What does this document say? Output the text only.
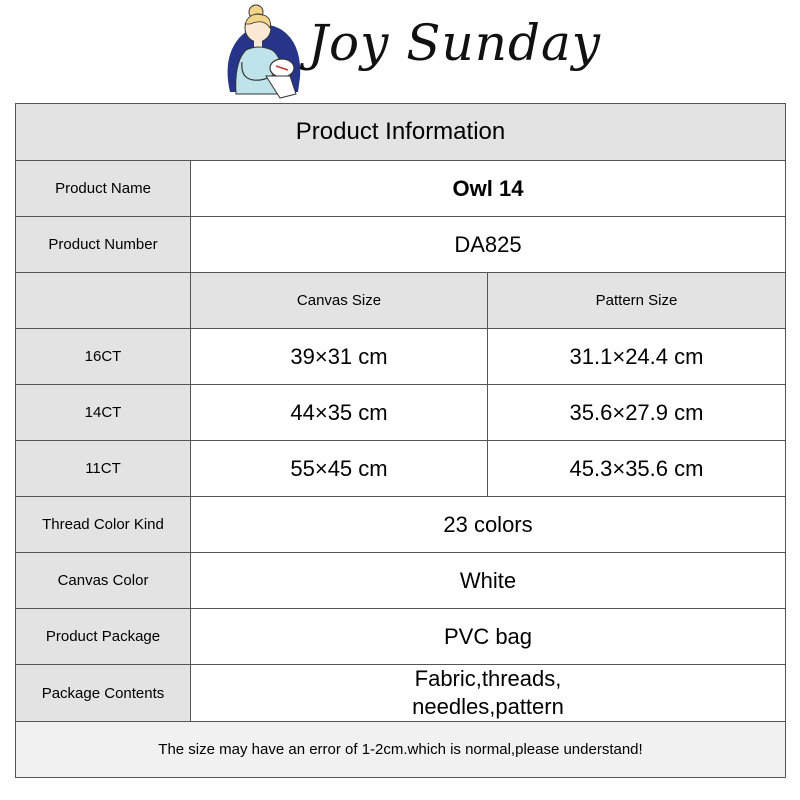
Joy Sunday
Product Information		
Product Name	Owl 14	
Product Number	DA825	
	Canvas Size	Pattern Size
16CT	39×31 cm	31.1×24.4 cm
14CT	44×35 cm	35.6×27.9 cm
11CT	55×45 cm	45.3×35.6 cm
Thread Color Kind	23 colors	
Canvas Color	White	
Product Package	PVC bag	
Package Contents	Fabric,threads,
needles,pattern	

The size may have an error of 1-2cm.which is normal,please understand!		
